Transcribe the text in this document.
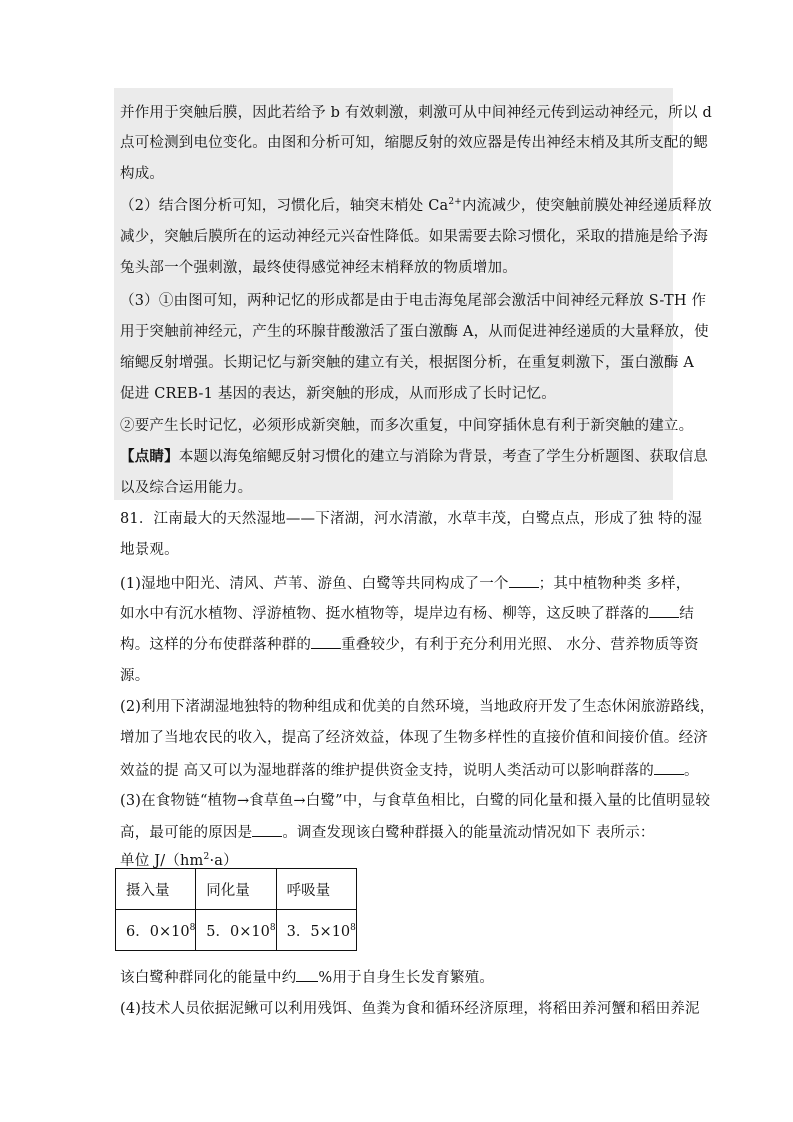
并作用于突触后膜，因此若给予 b 有效刺激，刺激可从中间神经元传到运动神经元，所以 d
点可检测到电位变化。由图和分析可知，缩腮反射的效应器是传出神经末梢及其所支配的鳃
构成。
（2）结合图分析可知，习惯化后，轴突末梢处 $Ca^{2+}$内流减少，使突触前膜处神经递质释放
减少，突触后膜所在的运动神经元兴奋性降低。如果需要去除习惯化，采取的措施是给予海
兔头部一个强刺激，最终使得感觉神经末梢释放的物质增加。
（3）①由图可知，两种记忆的形成都是由于电击海兔尾部会激活中间神经元释放 S-TH 作
用于突触前神经元，产生的环腺苷酸激活了蛋白激酶 A，从而促进神经递质的大量释放，使
缩鳃反射增强。长期记忆与新突触的建立有关，根据图分析，在重复刺激下，蛋白激酶 A
促进 CREB-1 基因的表达，新突触的形成，从而形成了长时记忆。
②要产生长时记忆，必须形成新突触，而多次重复，中间穿插休息有利于新突触的建立。
【点睛】本题以海兔缩鳃反射习惯化的建立与消除为背景，考查了学生分析题图、获取信息
以及综合运用能力。
81．江南最大的天然湿地——下渚湖，河水清澈，水草丰茂，白鹭点点，形成了独 特的湿
地景观。
(1)湿地中阳光、清风、芦苇、游鱼、白鹭等共同构成了一个 ；其中植物种类 多样，
如水中有沉水植物、浮游植物、挺水植物等，堤岸边有杨、柳等，这反映了群落的 结
构。这样的分布使群落种群的 重叠较少，有利于充分利用光照、 水分、营养物质等资
源。
(2)利用下渚湖湿地独特的物种组成和优美的自然环境，当地政府开发了生态休闲旅游路线，
增加了当地农民的收入，提高了经济效益，体现了生物多样性的直接价值和间接价值。经济
效益的提 高又可以为湿地群落的维护提供资金支持，说明人类活动可以影响群落的 。
(3)在食物链“植物→食草鱼→白鹭”中，与食草鱼相比，白鹭的同化量和摄入量的比值明显较
高，最可能的原因是 。调查发现该白鹭种群摄入的能量流动情况如下 表所示：
单位 $J/(hm^2\cdot a)$
摄入量	同化量	呼吸量
6．$0\times 10^8$	5．$0\times 10^8$	3．$5\times 10^8$
该白鹭种群同化的能量中约 %用于自身生长发育繁殖。
(4)技术人员依据泥鳅可以利用残饵、鱼粪为食和循环经济原理，将稻田养河蟹和稻田养泥
